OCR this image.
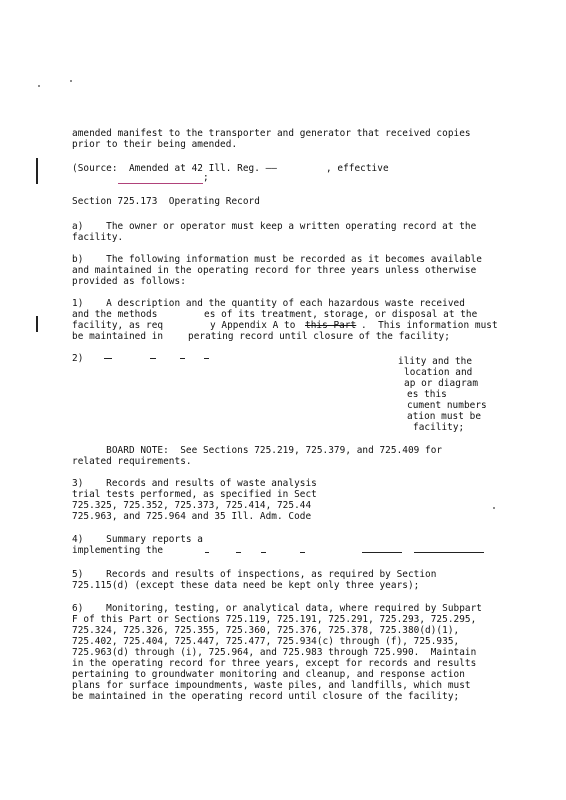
amended manifest to the transporter and generator that received copies
prior to their being amended.
(Source:  Amended at 42 Ill. Reg. ——	, effective
;
Section 725.173  Operating Record
a)    The owner or operator must keep a written operating record at the
facility.
b)    The following information must be recorded as it becomes available
and maintained in the operating record for three years unless otherwise
provided as follows:
1)    A description and the quantity of each hazardous waste received
and the methods	es of its treatment, storage, or disposal at the
facility, as req	y Appendix A to this Part .  This information must
be maintained in	perating record until closure of the facility;
2)	ility and the
location and
ap or diagram
es this
cument numbers
ation must be
facility;
BOARD NOTE:  See Sections 725.219, 725.379, and 725.409 for
related requirements.
3)    Records and results of waste analysis
trial tests performed, as specified in Sect
725.325, 725.352, 725.373, 725.414, 725.44
725.963, and 725.964 and 35 Ill. Adm. Code
4)    Summary reports a
implementing the
5)    Records and results of inspections, as required by Section
725.115(d) (except these data need be kept only three years);
6)    Monitoring, testing, or analytical data, where required by Subpart
F of this Part or Sections 725.119, 725.191, 725.291, 725.293, 725.295,
725.324, 725.326, 725.355, 725.360, 725.376, 725.378, 725.380(d)(1),
725.402, 725.404, 725.447, 725.477, 725.934(c) through (f), 725.935,
725.963(d) through (i), 725.964, and 725.983 through 725.990.  Maintain
in the operating record for three years, except for records and results
pertaining to groundwater monitoring and cleanup, and response action
plans for surface impoundments, waste piles, and landfills, which must
be maintained in the operating record until closure of the facility;
